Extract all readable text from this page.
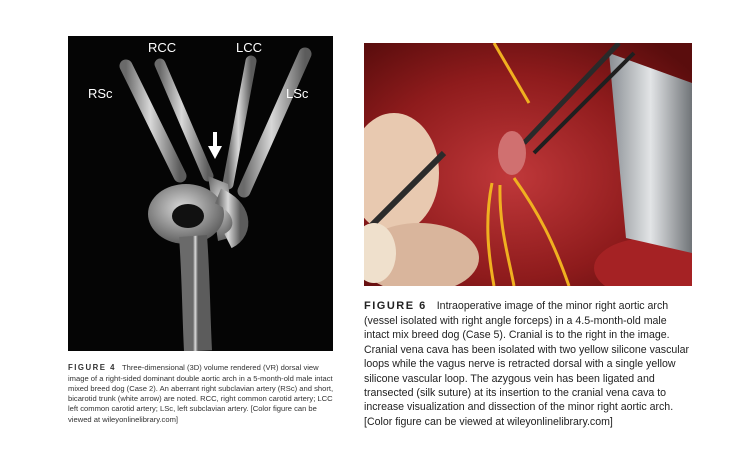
RCC	LCC
RSc	LSc
FIGURE 4 Three-dimensional (3D) volume rendered (VR) dorsal view image of a right-sided dominant double aortic arch in a 5-month-old male intact mixed breed dog (Case 2). An aberrant right subclavian artery (RSc) and short, bicarotid trunk (white arrow) are noted. RCC, right common carotid artery; LCC left common carotid artery; LSc, left subclavian artery. [Color figure can be viewed at wileyonlinelibrary.com]
FIGURE 6 Intraoperative image of the minor right aortic arch (vessel isolated with right angle forceps) in a 4.5-month-old male intact mix breed dog (Case 5). Cranial is to the right in the image. Cranial vena cava has been isolated with two yellow silicone vascular loops while the vagus nerve is retracted dorsal with a single yellow silicone vascular loop. The azygous vein has been ligated and transected (silk suture) at its insertion to the cranial vena cava to increase visualization and dissection of the minor right aortic arch. [Color figure can be viewed at wileyonlinelibrary.com]
